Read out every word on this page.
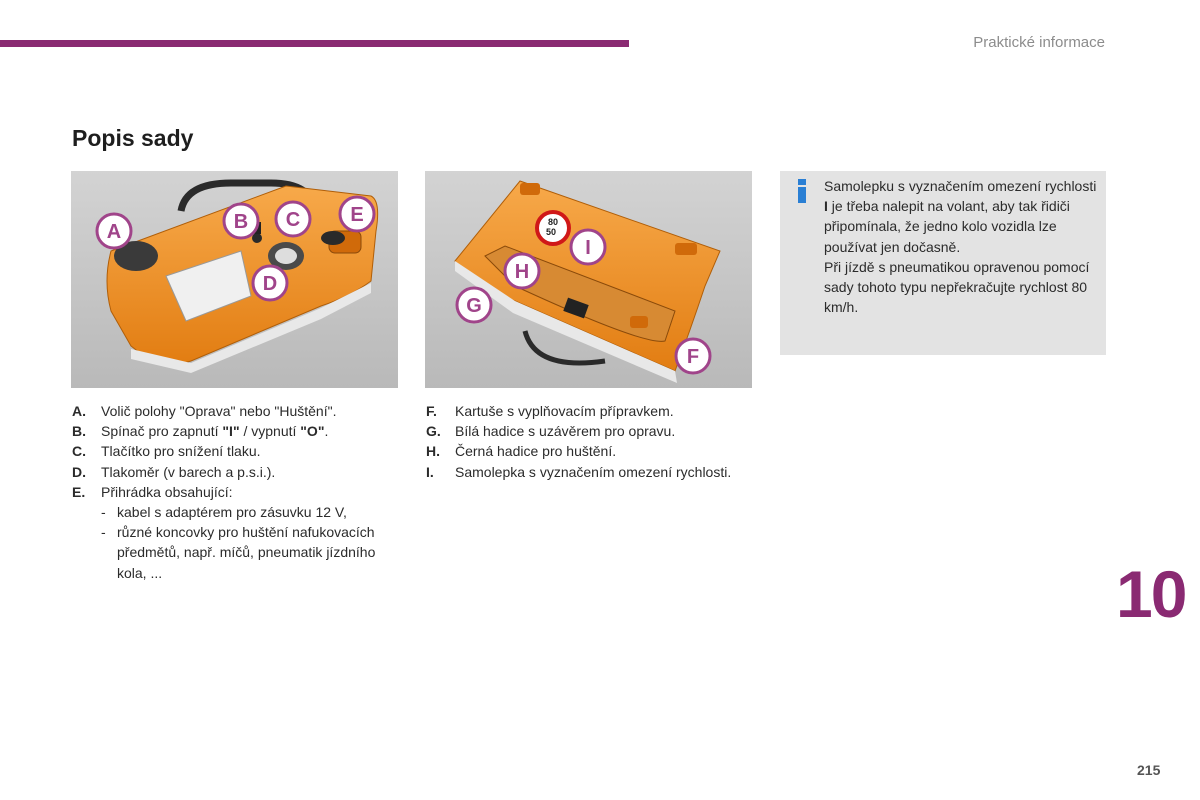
Praktické informace
Popis sady
A	B C
D
E	80
50
F
G
H
I

Samolepku s vyznačením omezení rychlosti I je třeba nalepit na volant, aby tak řidiči připomínala, že jedno kolo vozidla lze používat jen dočasně.

Při jízdě s pneumatikou opravenou pomocí sady tohoto typu nepřekračujte rychlost 80 km/h.

A.	Volič polohy "Oprava" nebo "Huštění".
B.	Spínač pro zapnutí "I" / vypnutí "O".
C.	Tlačítko pro snížení tlaku.
D.	Tlakoměr (v barech a p.s.i.).
E.	Přihrádka obsahující:
- kabel s adaptérem pro zásuvku 12 V,
- různé koncovky pro huštění nafukovacích předmětů, např. míčů, pneumatik jízdního kola, ...
F.	Kartuše s vyplňovacím přípravkem.
G.	Bílá hadice s uzávěrem pro opravu.
H.	Černá hadice pro huštění.
I.	Samolepka s vyznačením omezení rychlosti.
10
215
